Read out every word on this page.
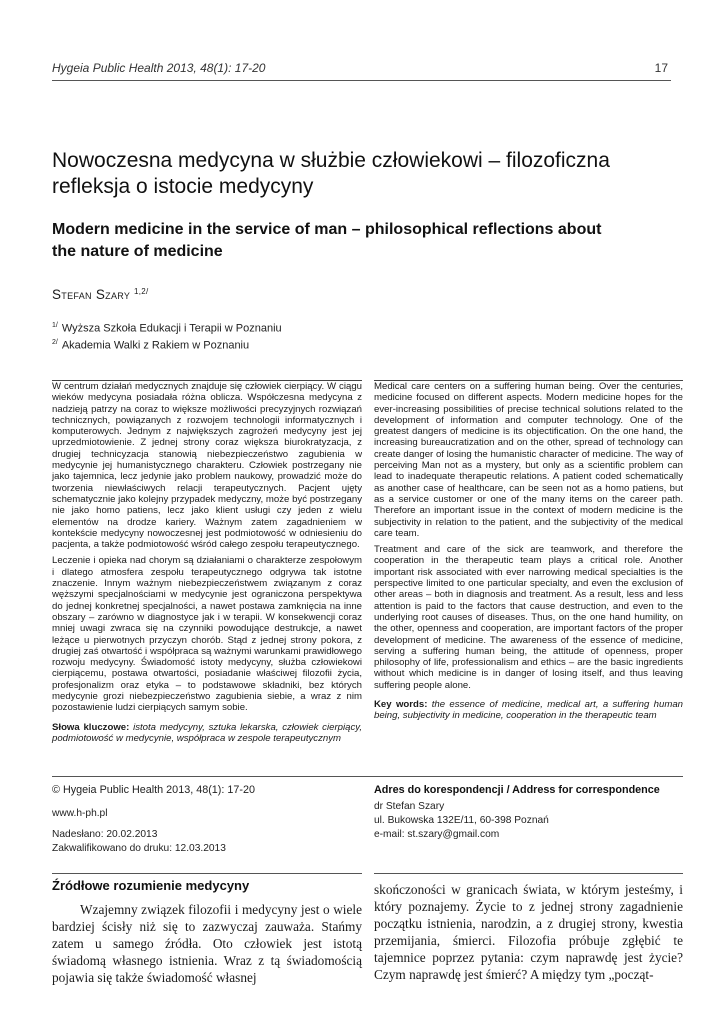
Hygeia Public Health 2013, 48(1): 17-20	17
Nowoczesna medycyna w służbie człowiekowi – filozoficzna refleksja o istocie medycyny
Modern medicine in the service of man – philosophical reflections about the nature of medicine
Stefan Szary $^{1,2/}$
$^{1/}$ Wyższa Szkoła Edukacji i Terapii w Poznaniu
$^{2/}$ Akademia Walki z Rakiem w Poznaniu

W centrum działań medycznych znajduje się człowiek cierpiący. W ciągu wieków medycyna posiadała różna oblicza. Współczesna medycyna z nadzieją patrzy na coraz to większe możliwości precyzyjnych rozwiązań technicznych, powiązanych z rozwojem technologii informatycznych i komputerowych. Jednym z największych zagrożeń medycyny jest jej uprzedmiotowienie. Z jednej strony coraz większa biurokratyzacja, z drugiej technicyzacja stanowią niebezpieczeństwo zagubienia w medycynie jej humanistycznego charakteru. Człowiek postrzegany nie jako tajemnica, lecz jedynie jako problem naukowy, prowadzić może do tworzenia niewłaściwych relacji terapeutycznych. Pacjent ujęty schematycznie jako kolejny przypadek medyczny, może być postrzegany nie jako homo patiens, lecz jako klient usługi czy jeden z wielu elementów na drodze kariery. Ważnym zatem zagadnieniem w kontekście medycyny nowoczesnej jest podmiotowość w odniesieniu do pacjenta, a także podmiotowość wśród całego zespołu terapeutycznego.

Leczenie i opieka nad chorym są działaniami o charakterze zespołowym i dlatego atmosfera zespołu terapeutycznego odgrywa tak istotne znaczenie. Innym ważnym niebezpieczeństwem związanym z coraz węższymi specjalnościami w medycynie jest ograniczona perspektywa do jednej konkretnej specjalności, a nawet postawa zamknięcia na inne obszary – zarówno w diagnostyce jak i w terapii. W konsekwencji coraz mniej uwagi zwraca się na czynniki powodujące destrukcje, a nawet leżące u pierwotnych przyczyn chorób. Stąd z jednej strony pokora, z drugiej zaś otwartość i współpraca są ważnymi warunkami prawidłowego rozwoju medycyny. Świadomość istoty medycyny, służba człowiekowi cierpiącemu, postawa otwartości, posiadanie właściwej filozofii życia, profesjonalizm oraz etyka – to podstawowe składniki, bez których medycynie grozi niebezpieczeństwo zagubienia siebie, a wraz z nim pozostawienie ludzi cierpiących samym sobie.

Słowa kluczowe: istota medycyny, sztuka lekarska, człowiek cierpiący, podmiotowość w medycynie, współpraca w zespole terapeutycznym

Medical care centers on a suffering human being. Over the centuries, medicine focused on different aspects. Modern medicine hopes for the ever-increasing possibilities of precise technical solutions related to the development of information and computer technology. One of the greatest dangers of medicine is its objectification. On the one hand, the increasing bureaucratization and on the other, spread of technology can create danger of losing the humanistic character of medicine. The way of perceiving Man not as a mystery, but only as a scientific problem can lead to inadequate therapeutic relations. A patient coded schematically as another case of healthcare, can be seen not as a homo patiens, but as a service customer or one of the many items on the career path. Therefore an important issue in the context of modern medicine is the subjectivity in relation to the patient, and the subjectivity of the medical care team.

Treatment and care of the sick are teamwork, and therefore the cooperation in the therapeutic team plays a critical role. Another important risk associated with ever narrowing medical specialties is the perspective limited to one particular specialty, and even the exclusion of other areas – both in diagnosis and treatment. As a result, less and less attention is paid to the factors that cause destruction, and even to the underlying root causes of diseases. Thus, on the one hand humility, on the other, openness and cooperation, are important factors of the proper development of medicine. The awareness of the essence of medicine, serving a suffering human being, the attitude of openness, proper philosophy of life, professionalism and ethics – are the basic ingredients without which medicine is in danger of losing itself, and thus leaving suffering people alone.

Key words: the essence of medicine, medical art, a suffering human being, subjectivity in medicine, cooperation in the therapeutic team

© Hygeia Public Health 2013, 48(1): 17-20
www.h-ph.pl
Nadesłano: 20.02.2013
Zakwalifikowano do druku: 12.03.2013
Adres do korespondencji / Address for correspondence
dr Stefan Szary
ul. Bukowska 132E/11, 60-398 Poznań
e-mail: st.szary@gmail.com
Źródłowe rozumienie medycyny

Wzajemny związek filozofii i medycyny jest o wiele bardziej ścisły niż się to zazwyczaj zauważa. Stańmy zatem u samego źródła. Oto człowiek jest istotą świadomą własnego istnienia. Wraz z tą świadomością pojawia się także świadomość własnej

skończoności w granicach świata, w którym jesteśmy, i który poznajemy. Życie to z jednej strony zagadnienie początku istnienia, narodzin, a z drugiej strony, kwestia przemijania, śmierci. Filozofia próbuje zgłębić te tajemnice poprzez pytania: czym naprawdę jest życie? Czym naprawdę jest śmierć? A między tym „począt-
